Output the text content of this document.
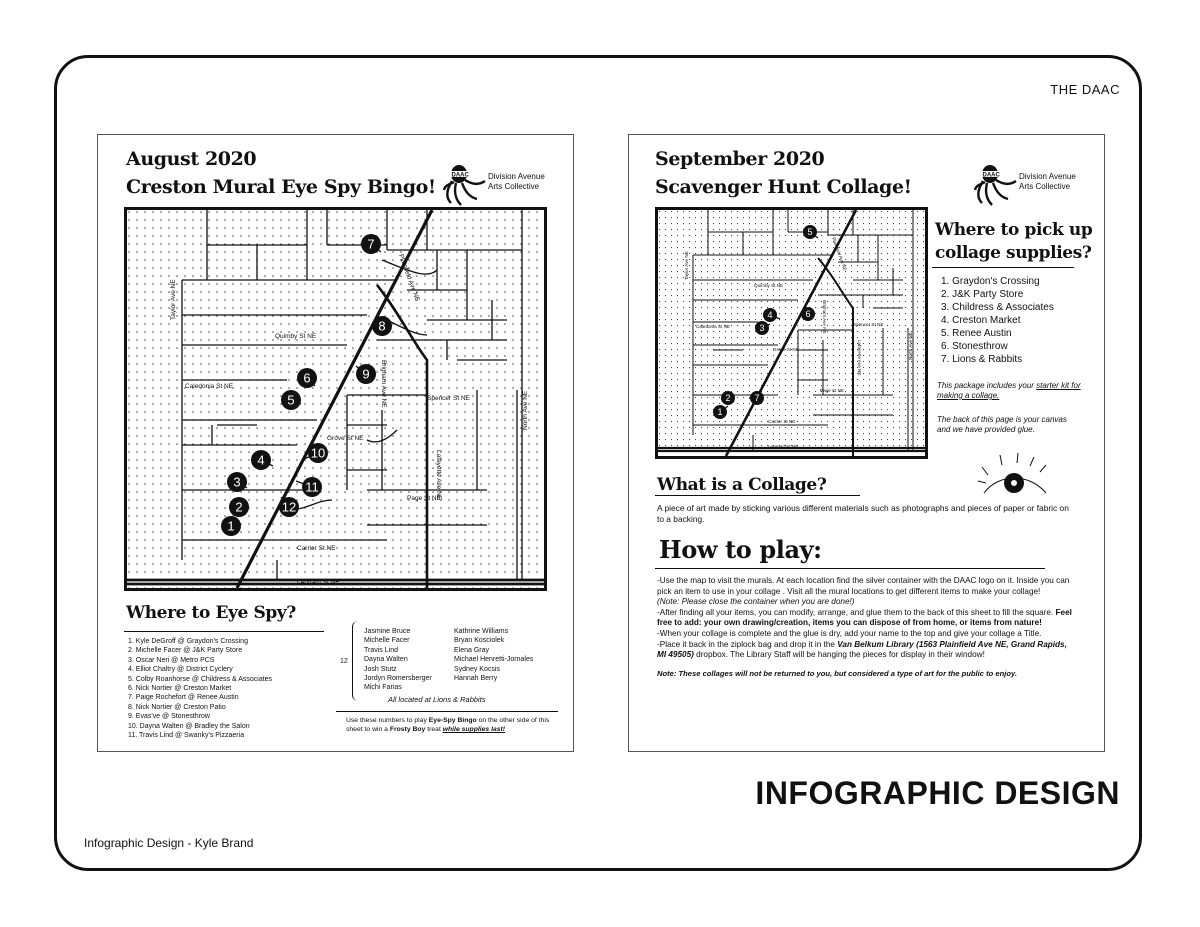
THE DAAC
INFOGRAPHIC DESIGN
Infographic Design - Kyle Brand
August 2020
Creston Mural Eye Spy Bingo!
DAAC Division Avenue
Arts Collective
Taylor Ave NE	Plainfield Ave NE
Quimby St NE
Caledonia St NE
Spencer St NE
Grove St NE
Page St NE
Carrier St NE
Leonard St NE
Lafayette Ave NE
North Ave NE
Brigham Ave NE
1
2
3
4
5
6
7
8
9
10
11
12
Where to Eye Spy?
1. Kyle DeGroff @ Graydon's Crossing
2. Michelle Facer @ J&K Party Store
3. Oscar Neri @ Metro PCS
4. Elliot Chaltry @ District Cyclery
5. Colby Roanhorse @ Childress & Associates
6. Nick Nortier @ Creston Market
7. Paige Rochefort @ Renee Austin
8. Nick Nortier @ Creston Patio
9. Evas've @ Stonesthrow
10. Dayna Walten @ Bradley the Salon
11. Travis Lind @ Swanky's Pizzaeria
12
Jasmine Bruce
Michelle Facer
Travis Lind
Dayna Walten
Josh Stutz
Jordyn Romersberger
Michi Farias
Kathrine Williams
Bryan Kosciolek
Elena Gray
Michael Henretti-Jornales
Sydney Kocsis
Hannah Berry
All located at Lions & Rabbits
Use these numbers to play Eye-Spy Bingo on the other side of this sheet to win a Frosty Boy treat while supplies last!
September 2020
Scavenger Hunt Collage!
DAAC Division Avenue
Arts Collective
Taylor Ave NE	Plainfield Ave NE
Quimby St NE
Caledonia St NE	Spencer St NE
Grove St NE
Page St NE
Carrier St NE
Leonard St NE
Lafayette Ave NE	North Ave NE
Brigham Ave NE
1
2
3
4
5
6
7
Where to pick up
collage supplies?
1. Graydon's Crossing
2. J&K Party Store
3. Childress & Associates
4. Creston Market
5. Renee Austin
6. Stonesthrow
7. Lions & Rabbits
This package includes your starter kit for making a collage.
The back of this page is your canvas and we have provided glue.
What is a Collage?
A piece of art made by sticking various different materials such as photographs and pieces of paper or fabric on to a backing.
How to play:
-Use the map to visit the murals. At each location find the silver container with the DAAC logo on it. Inside you can pick an item to use in your collage . Visit all the mural locations to get different items to make your collage!
(Note: Please close the container when you are done!)
-After finding all your items, you can modify, arrange, and glue them to the back of this sheet to fill the square. Feel free to add: your own drawing/creation, items you can dispose of from home, or items from nature!
-When your collage is complete and the glue is dry, add your name to the top and give your collage a Title.
-Place it back in the ziplock bag and drop it in the Van Belkum Library (1563 Plainfield Ave NE, Grand Rapids, MI 49505) dropbox. The Library Staff will be hanging the pieces for display in their window!
Note: These collages will not be returned to you, but considered a type of art for the public to enjoy.
